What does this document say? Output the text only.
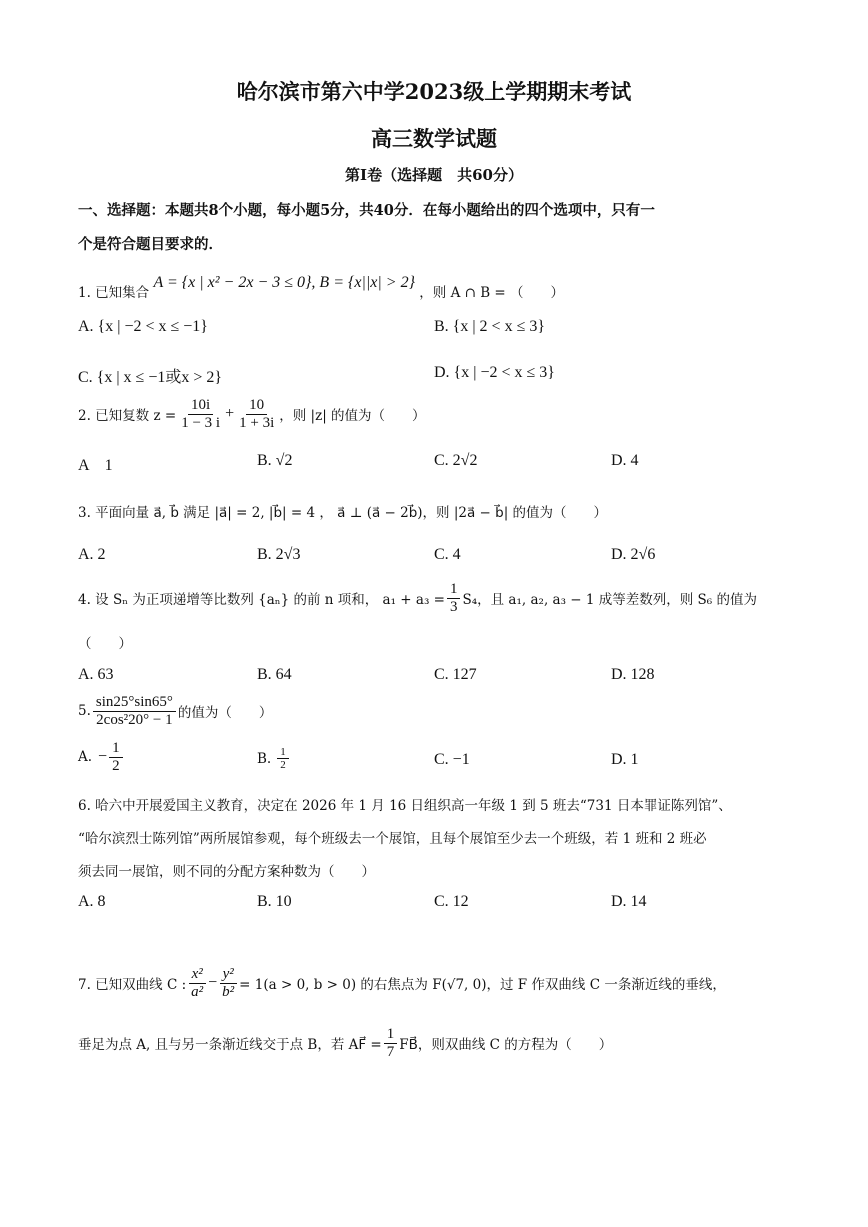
哈尔滨市第六中学2023级上学期期末考试
高三数学试题
第Ⅰ卷（选择题　共60分）
一、选择题：本题共8个小题，每小题5分，共40分．在每小题给出的四个选项中，只有一
个是符合题目要求的．
1. 已知集合 A = {x | x² − 2x − 3 ≤ 0}, B = {x||x| > 2} ，则 A ∩ B = （　　）
A. {x | −2 < x ≤ −1}	B. {x | 2 < x ≤ 3}
C. {x | x ≤ −1或x > 2}	D. {x | −2 < x ≤ 3}
2. 已知复数 $z = \frac{10i}{1 - 3 i} + \frac{10}{1 + 3i}$ ，则 |z| 的值为（　　）
A　1	B. √2	C. 2√2	D. 4
3. 平面向量 a⃗, b⃗ 满足 |a⃗| = 2, |b⃗| = 4 ， a⃗ ⊥ (a⃗ − 2b⃗)，则 |2a⃗ − b⃗| 的值为（　　）
A. 2	B. 2√3	C. 4	D. 2√6
4. 设 Sₙ 为正项递增等比数列 {aₙ} 的前 n 项和， $a_1 + a_3 = \frac{1}{3} S_4$，且 a₁, a₂, a₃ − 1 成等差数列，则 S₆ 的值为
（　　）
A. 63	B. 64	C. 127	D. 128
5. $\frac{\sin 25^\circ\sin 65^\circ}{\text{2cos²20° − 1}}$ 的值为（　　）
A. − $\frac{1}{2}$	B. $\frac{1}{2}$	C. −1	D. 1
6. 哈六中开展爱国主义教育，决定在 2026 年 1 月 16 日组织高一年级 1 到 5 班去“731 日本罪证陈列馆”、
“哈尔滨烈士陈列馆”两所展馆参观，每个班级去一个展馆，且每个展馆至少去一个班级，若 1 班和 2 班必
须去同一展馆，则不同的分配方案种数为（　　）
A. 8	B. 10	C. 12	D. 14
7. 已知双曲线 C : $\frac{\text{x²}}{\text{a²}} - \frac{\text{y²}}{\text{b²}} = 1(a > 0$, b > 0) 的右焦点为 F(√7, 0)，过 F 作双曲线 C 一条渐近线的垂线，
垂足为点 A, 且与另一条渐近线交于点 B，若 AF⃗ = $\frac{1}{7}$ FB⃗，则双曲线 C 的方程为（　　）
